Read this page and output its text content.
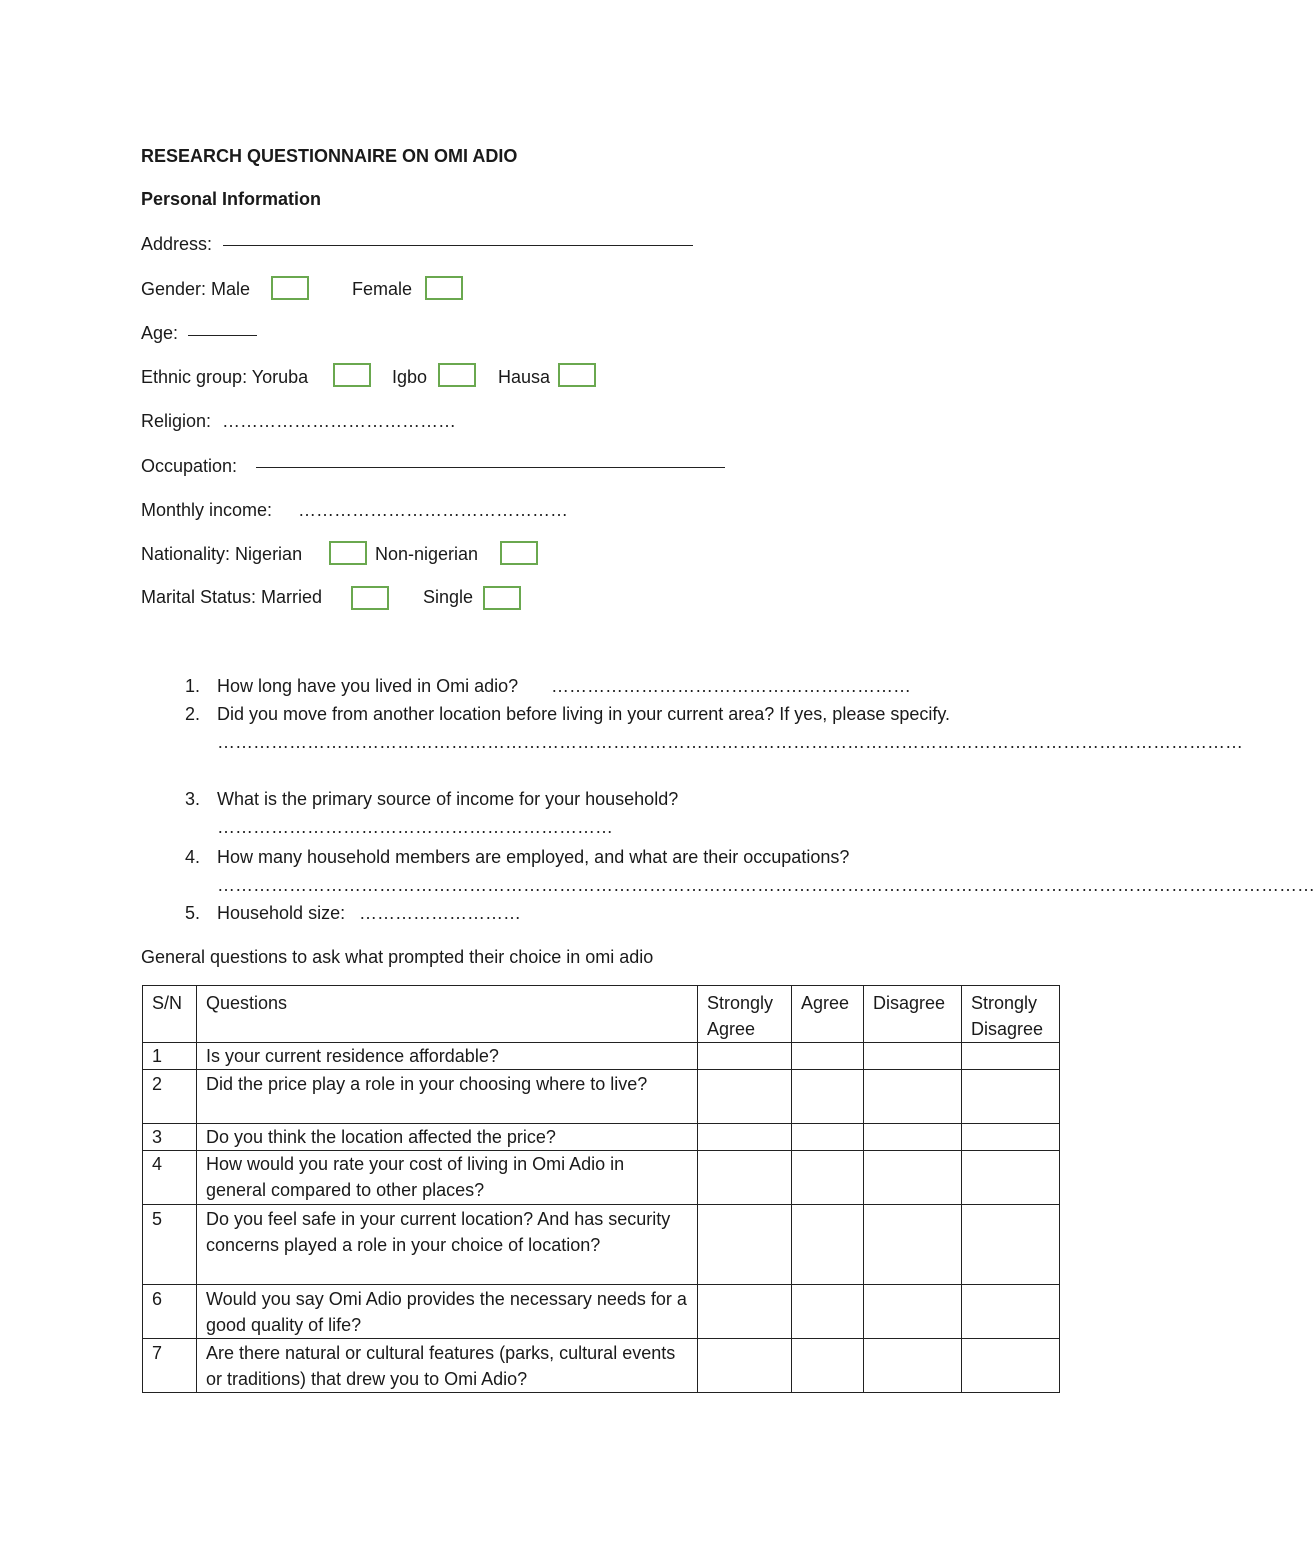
RESEARCH QUESTIONNAIRE ON OMI ADIO
Personal Information
Address:
Gender: Male	Female
Age:
Ethnic group: Yoruba	Igbo	Hausa
Religion: …………………………………
Occupation:
Monthly income: ………………………………………
Nationality: Nigerian	Non-nigerian
Marital Status: Married	Single
1. How long have you lived in Omi adio? ……………………………………………………
2. Did you move from another location before living in your current area? If yes, please specify.
………………………………………………………………………………………………………………………………………………………
3. What is the primary source of income for your household?
…………………………………………………………
4. How many household members are employed, and what are their occupations?
…………………………………………………………………………………………………………………………………………………………………
5. Household size: ………………………
General questions to ask what prompted their choice in omi adio
S/N	Questions	Strongly Agree	Agree	Disagree	Strongly Disagree
1	Is your current residence affordable?				
2	Did the price play a role in your choosing where to live?				
3	Do you think the location affected the price?				
4	How would you rate your cost of living in Omi Adio in general compared to other places?				
5	Do you feel safe in your current location? And has security concerns played a role in your choice of location?				
6	Would you say Omi Adio provides the necessary needs for a good quality of life?				
7	Are there natural or cultural features (parks, cultural events or traditions) that drew you to Omi Adio?				
